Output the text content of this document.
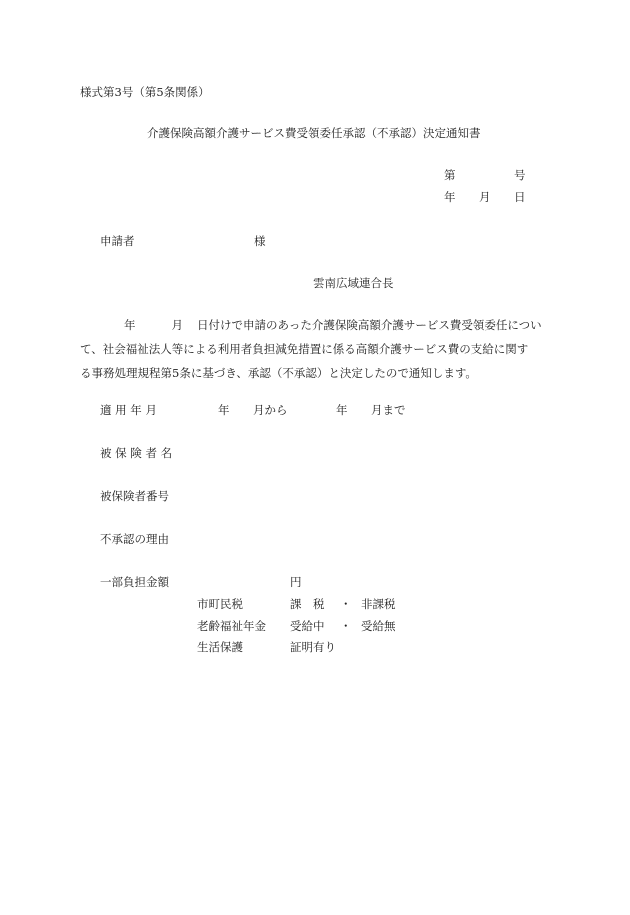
様式第3号（第5条関係）
介護保険高額介護サービス費受領委任承認（不承認）決定通知書
第	号
年 月 日
申請者	様
雲南広域連合長

年	月 日付けで申請のあった介護保険高額介護サービス費受領委任につい

て、社会福祉法人等による利用者負担減免措置に係る高額介護サービス費の支給に関す

る事務処理規程第5条に基づき、承認（不承認）と決定したので通知します。

適 用 年 月	年 月から	年 月まで
被 保 険 者 名
被保険者番号
不承認の理由
一部負担金額	円
市町民税	課　税 ・ 非課税
老齢福祉年金 受給中 ・ 受給無
生活保護	証明有り
